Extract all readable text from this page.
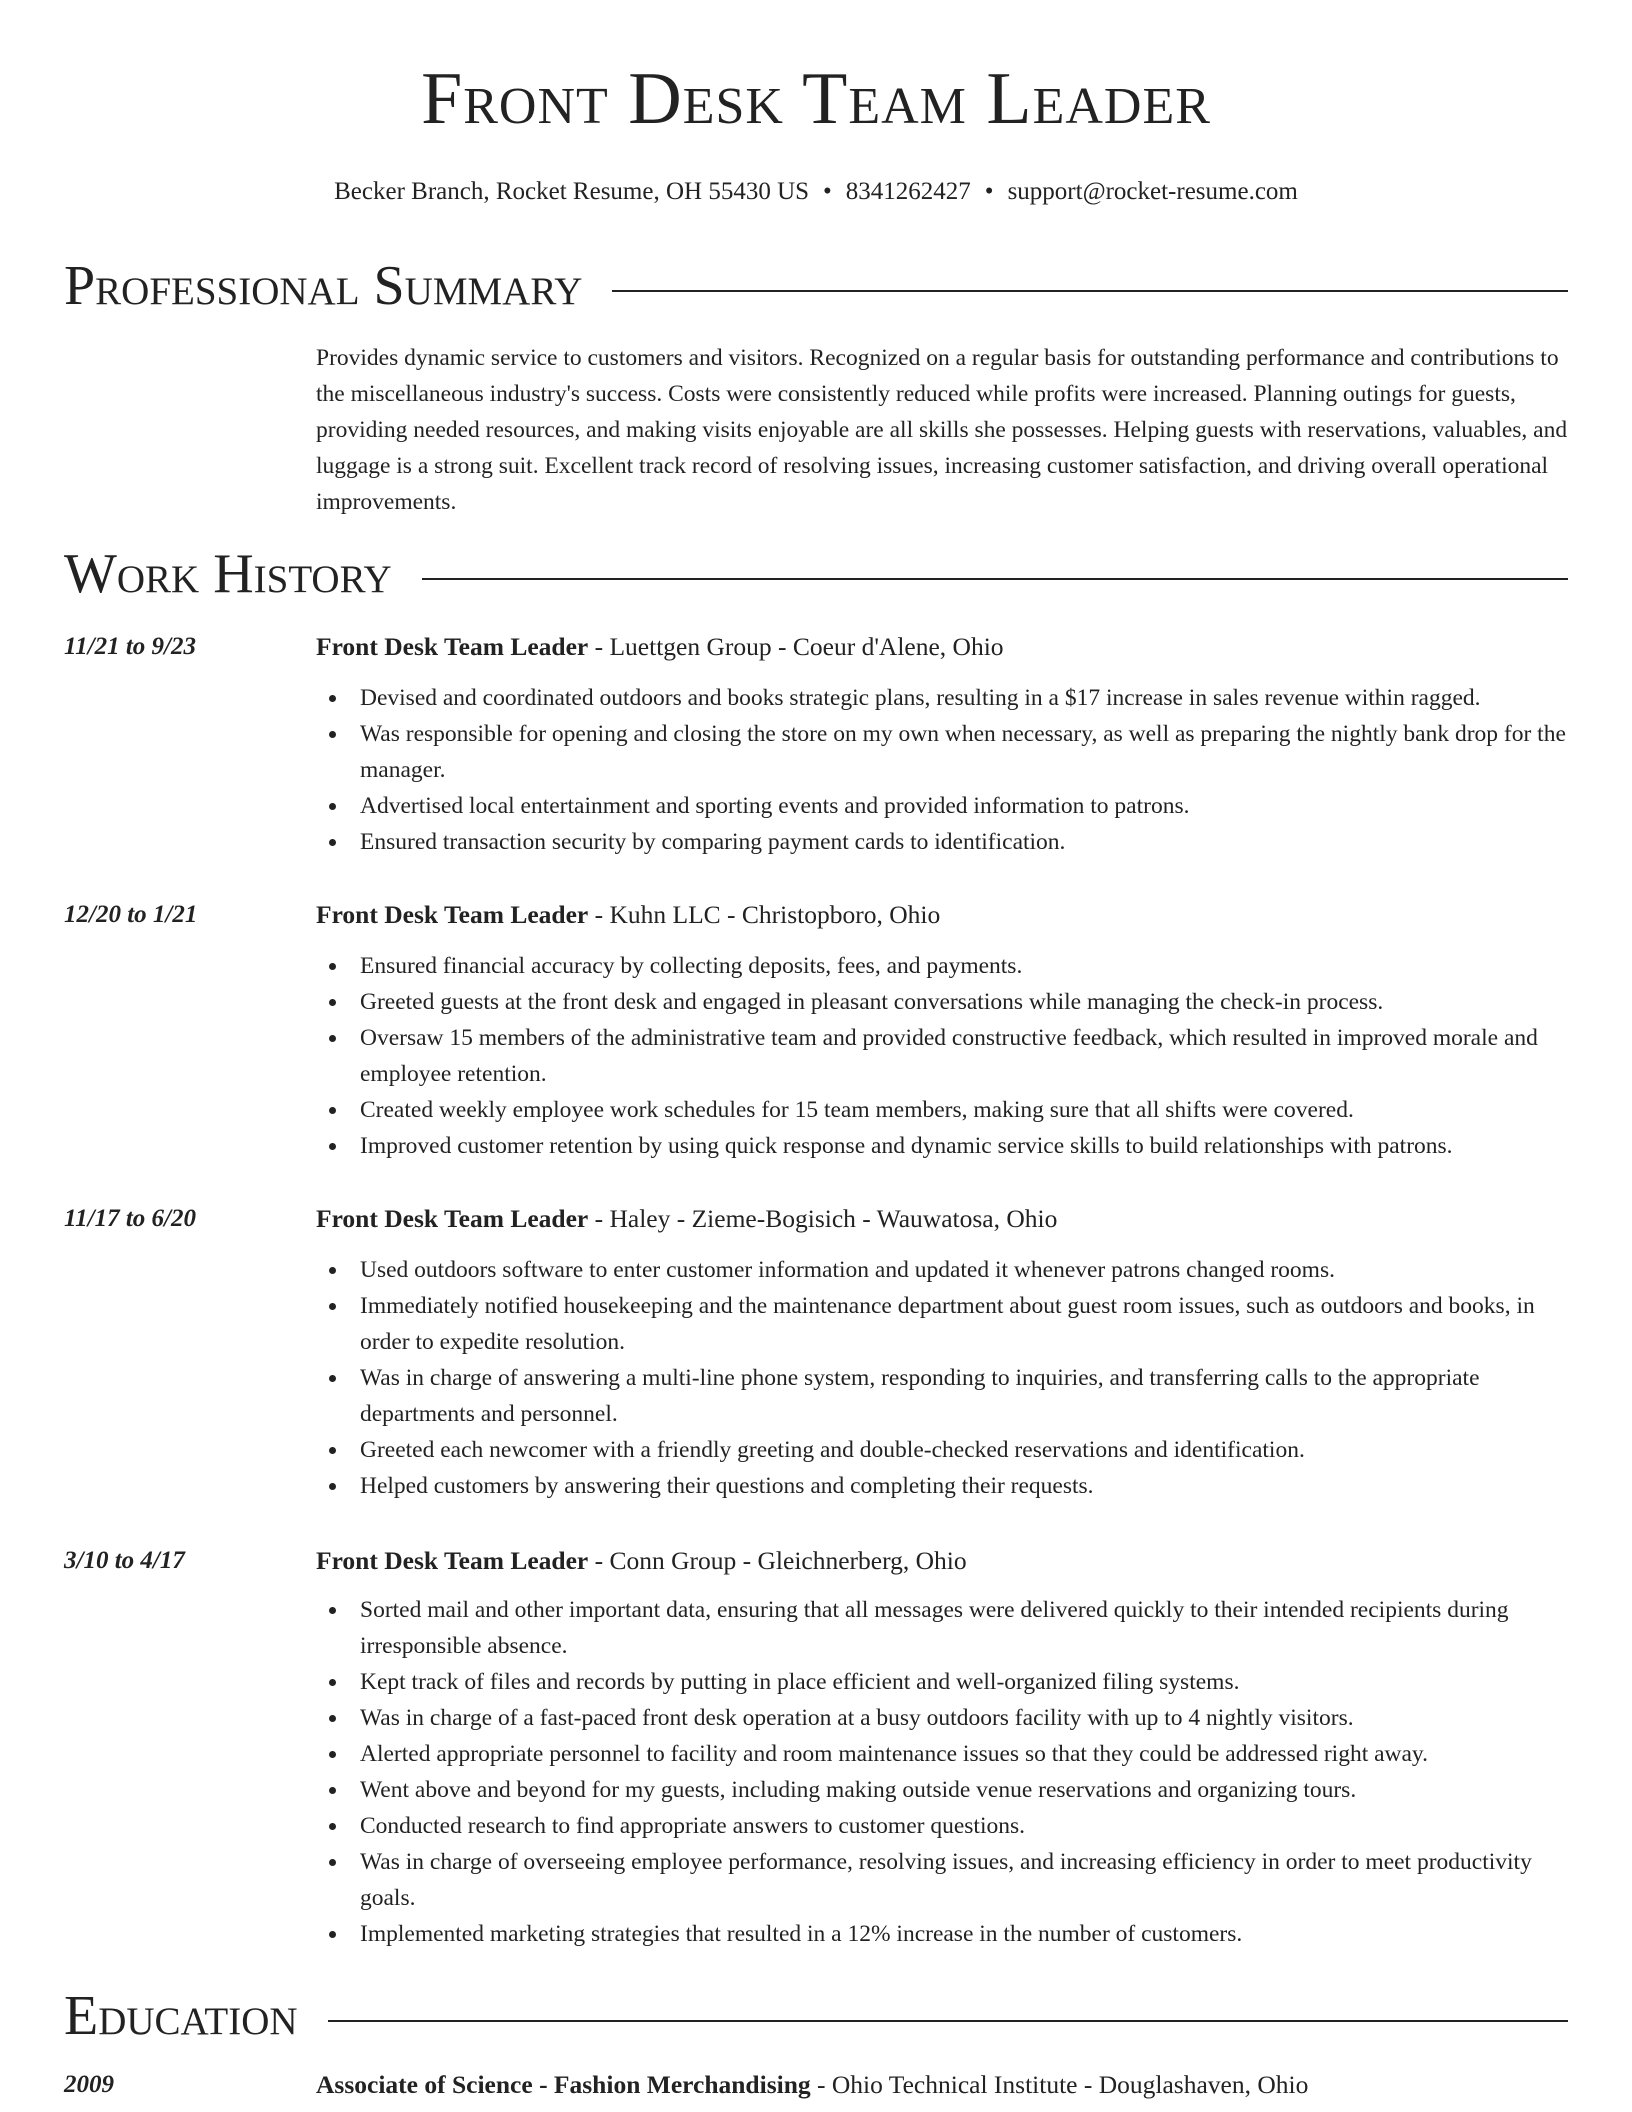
Front Desk Team Leader
Becker Branch, Rocket Resume, OH 55430 US • 8341262427 • support@rocket-resume.com
Professional Summary

Provides dynamic service to customers and visitors. Recognized on a regular basis for outstanding performance and contributions to the miscellaneous industry's success. Costs were consistently reduced while profits were increased. Planning outings for guests, providing needed resources, and making visits enjoyable are all skills she possesses. Helping guests with reservations, valuables, and luggage is a strong suit. Excellent track record of resolving issues, increasing customer satisfaction, and driving overall operational improvements.

Work History
11/21 to 9/23	Front Desk Team Leader - Luettgen Group - Coeur d'Alene, Ohio
Devised and coordinated outdoors and books strategic plans, resulting in a $17 increase in sales revenue within ragged.
Was responsible for opening and closing the store on my own when necessary, as well as preparing the nightly bank drop for the manager.
Advertised local entertainment and sporting events and provided information to patrons.
Ensured transaction security by comparing payment cards to identification.
12/20 to 1/21	Front Desk Team Leader - Kuhn LLC - Christopboro, Ohio
Ensured financial accuracy by collecting deposits, fees, and payments.
Greeted guests at the front desk and engaged in pleasant conversations while managing the check-in process.
Oversaw 15 members of the administrative team and provided constructive feedback, which resulted in improved morale and employee retention.
Created weekly employee work schedules for 15 team members, making sure that all shifts were covered.
Improved customer retention by using quick response and dynamic service skills to build relationships with patrons.
11/17 to 6/20	Front Desk Team Leader - Haley - Zieme-Bogisich - Wauwatosa, Ohio
Used outdoors software to enter customer information and updated it whenever patrons changed rooms.
Immediately notified housekeeping and the maintenance department about guest room issues, such as outdoors and books, in order to expedite resolution.
Was in charge of answering a multi-line phone system, responding to inquiries, and transferring calls to the appropriate departments and personnel.
Greeted each newcomer with a friendly greeting and double-checked reservations and identification.
Helped customers by answering their questions and completing their requests.
3/10 to 4/17	Front Desk Team Leader - Conn Group - Gleichnerberg, Ohio
Sorted mail and other important data, ensuring that all messages were delivered quickly to their intended recipients during irresponsible absence.
Kept track of files and records by putting in place efficient and well-organized filing systems.
Was in charge of a fast-paced front desk operation at a busy outdoors facility with up to 4 nightly visitors.
Alerted appropriate personnel to facility and room maintenance issues so that they could be addressed right away.
Went above and beyond for my guests, including making outside venue reservations and organizing tours.
Conducted research to find appropriate answers to customer questions.
Was in charge of overseeing employee performance, resolving issues, and increasing efficiency in order to meet productivity goals.
Implemented marketing strategies that resulted in a 12% increase in the number of customers.
Education
2009	Associate of Science - Fashion Merchandising - Ohio Technical Institute - Douglashaven, Ohio
